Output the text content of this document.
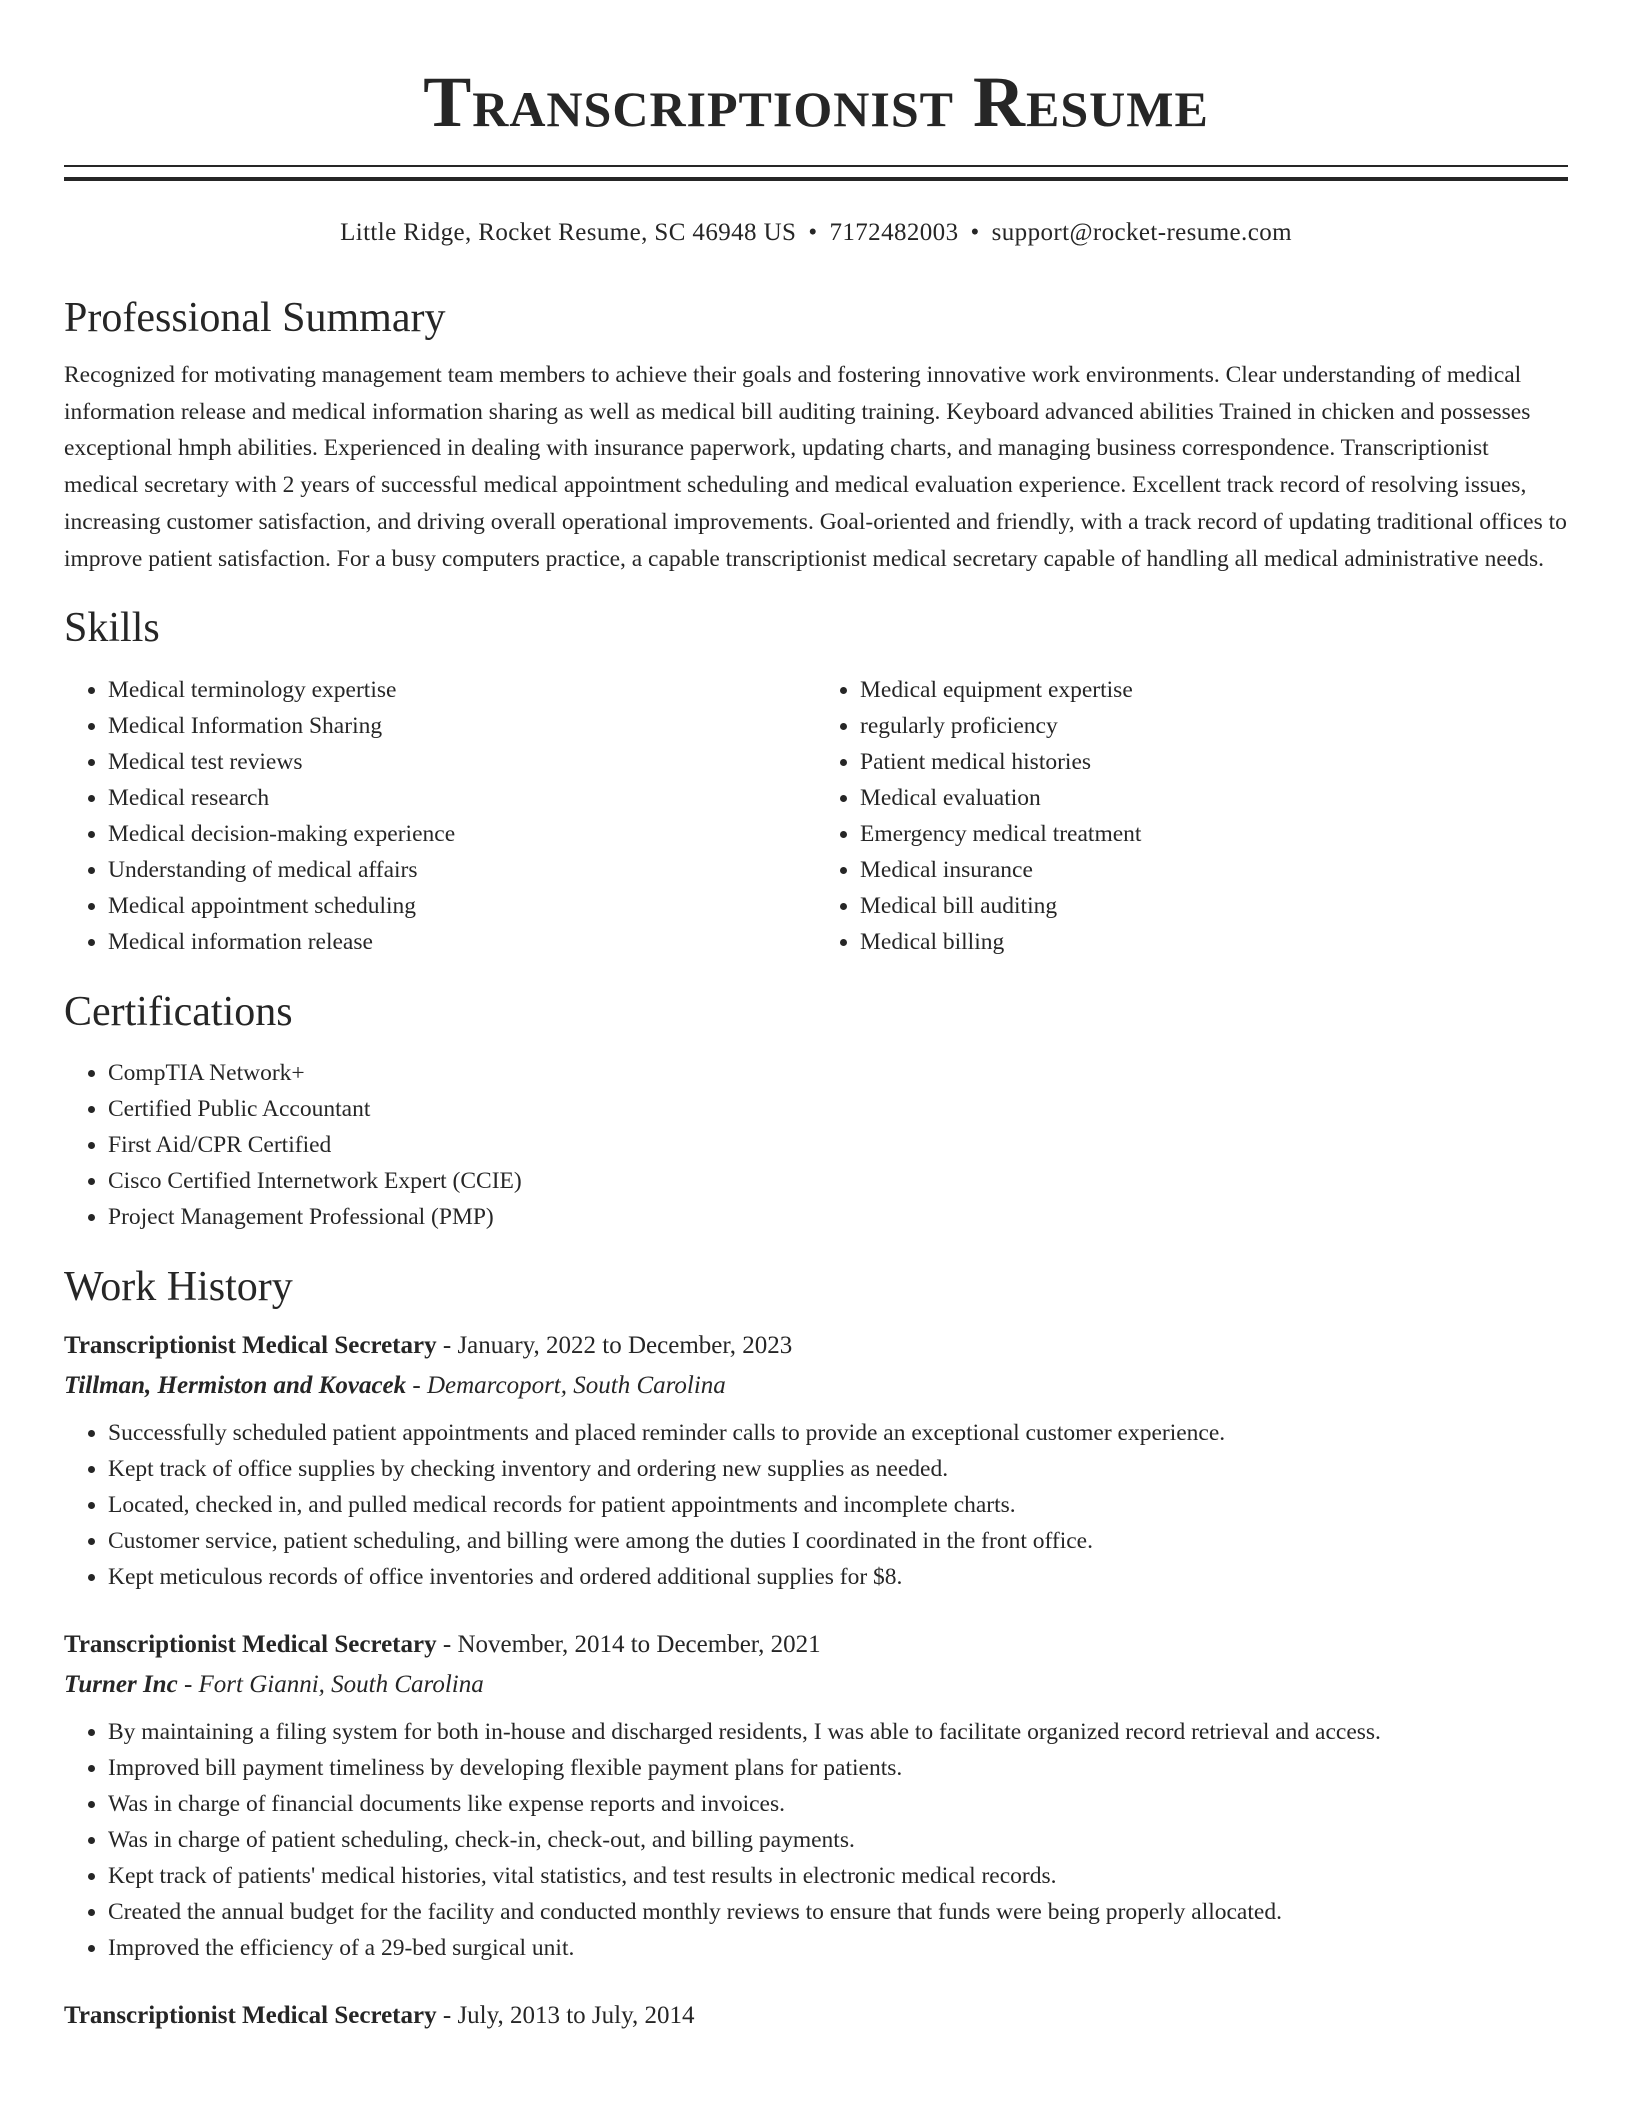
Transcriptionist Resume
Little Ridge, Rocket Resume, SC 46948 US • 7172482003 • support@rocket-resume.com
Professional Summary

Recognized for motivating management team members to achieve their goals and fostering innovative work environments. Clear understanding of medical information release and medical information sharing as well as medical bill auditing training. Keyboard advanced abilities Trained in chicken and possesses exceptional hmph abilities. Experienced in dealing with insurance paperwork, updating charts, and managing business correspondence. Transcriptionist medical secretary with 2 years of successful medical appointment scheduling and medical evaluation experience. Excellent track record of resolving issues, increasing customer satisfaction, and driving overall operational improvements. Goal-oriented and friendly, with a track record of updating traditional offices to improve patient satisfaction. For a busy computers practice, a capable transcriptionist medical secretary capable of handling all medical administrative needs.

Skills
• Medical terminology expertise
• Medical Information Sharing
• Medical test reviews
• Medical research
• Medical decision-making experience
• Understanding of medical affairs
• Medical appointment scheduling
• Medical information release
• Medical equipment expertise
• regularly proficiency
• Patient medical histories
• Medical evaluation
• Emergency medical treatment
• Medical insurance
• Medical bill auditing
• Medical billing
Certifications
• CompTIA Network+
• Certified Public Accountant
• First Aid/CPR Certified
• Cisco Certified Internetwork Expert (CCIE)
• Project Management Professional (PMP)
Work History
Transcriptionist Medical Secretary - January, 2022 to December, 2023
Tillman, Hermiston and Kovacek - Demarcoport, South Carolina
• Successfully scheduled patient appointments and placed reminder calls to provide an exceptional customer experience.
• Kept track of office supplies by checking inventory and ordering new supplies as needed.
• Located, checked in, and pulled medical records for patient appointments and incomplete charts.
• Customer service, patient scheduling, and billing were among the duties I coordinated in the front office.
• Kept meticulous records of office inventories and ordered additional supplies for $8.
Transcriptionist Medical Secretary - November, 2014 to December, 2021
Turner Inc - Fort Gianni, South Carolina
• By maintaining a filing system for both in-house and discharged residents, I was able to facilitate organized record retrieval and access.
• Improved bill payment timeliness by developing flexible payment plans for patients.
• Was in charge of financial documents like expense reports and invoices.
• Was in charge of patient scheduling, check-in, check-out, and billing payments.
• Kept track of patients' medical histories, vital statistics, and test results in electronic medical records.
• Created the annual budget for the facility and conducted monthly reviews to ensure that funds were being properly allocated.
• Improved the efficiency of a 29-bed surgical unit.
Transcriptionist Medical Secretary - July, 2013 to July, 2014
